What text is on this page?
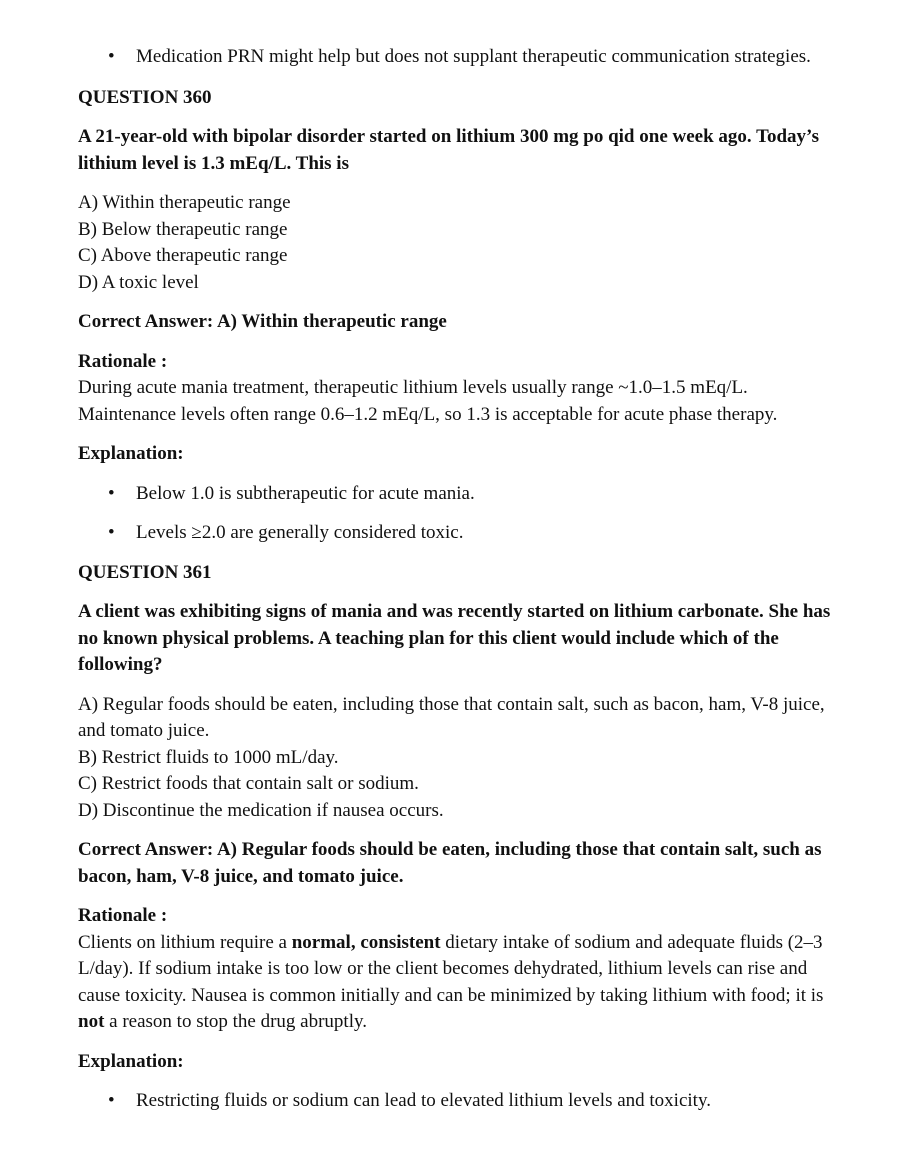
• Medication PRN might help but does not supplant therapeutic communication strategies.

QUESTION 360

A 21-year-old with bipolar disorder started on lithium 300 mg po qid one week ago. Today’s lithium level is 1.3 mEq/L. This is

A) Within therapeutic range

B) Below therapeutic range

C) Above therapeutic range

D) A toxic level

Correct Answer: A) Within therapeutic range

Rationale :

During acute mania treatment, therapeutic lithium levels usually range ~1.0–1.5 mEq/L. Maintenance levels often range 0.6–1.2 mEq/L, so 1.3 is acceptable for acute phase therapy.

Explanation:

• Below 1.0 is subtherapeutic for acute mania.
• Levels ≥2.0 are generally considered toxic.

QUESTION 361

A client was exhibiting signs of mania and was recently started on lithium carbonate. She has no known physical problems. A teaching plan for this client would include which of the following?

A) Regular foods should be eaten, including those that contain salt, such as bacon, ham, V-8 juice, and tomato juice.

B) Restrict fluids to 1000 mL/day.

C) Restrict foods that contain salt or sodium.

D) Discontinue the medication if nausea occurs.

Correct Answer: A) Regular foods should be eaten, including those that contain salt, such as bacon, ham, V-8 juice, and tomato juice.

Rationale :

Clients on lithium require a normal, consistent dietary intake of sodium and adequate fluids (2–3 L/day). If sodium intake is too low or the client becomes dehydrated, lithium levels can rise and cause toxicity. Nausea is common initially and can be minimized by taking lithium with food; it is not a reason to stop the drug abruptly.

Explanation:

• Restricting fluids or sodium can lead to elevated lithium levels and toxicity.
